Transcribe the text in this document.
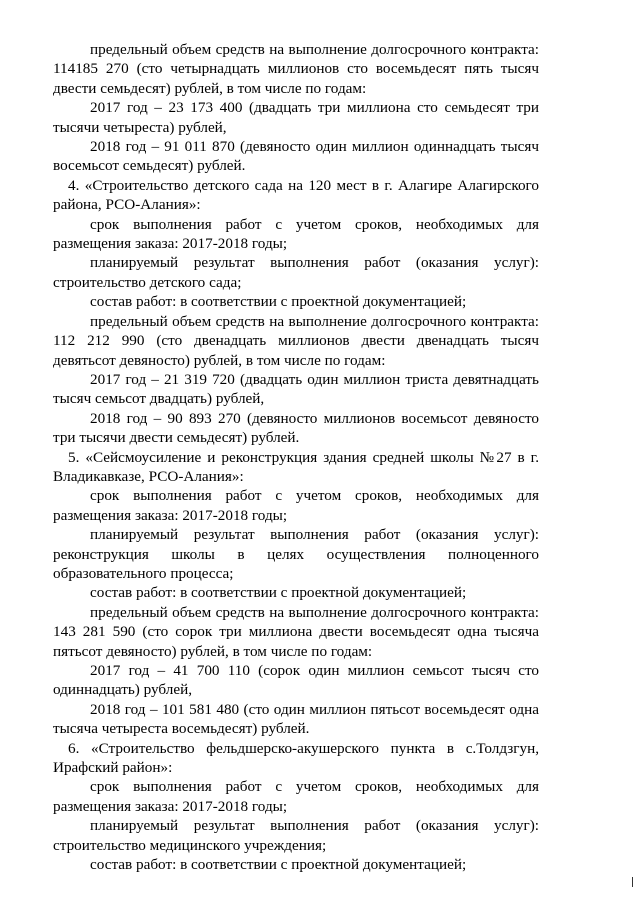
предельный объем средств на выполнение долгосрочного контракта: 114185 270 (сто четырнадцать миллионов сто восемьдесят пять тысяч двести семьдесят) рублей, в том числе по годам:

2017 год – 23 173 400 (двадцать три миллиона сто семьдесят три тысячи четыреста) рублей,

2018 год – 91 011 870 (девяносто один миллион одиннадцать тысяч восемьсот семьдесят) рублей.

4. «Строительство детского сада на 120 мест в г. Алагире Алагирского района, РСО-Алания»:

срок выполнения работ с учетом сроков, необходимых для размещения заказа: 2017-2018 годы;

планируемый результат выполнения работ (оказания услуг): строительство детского сада;

состав работ: в соответствии с проектной документацией;

предельный объем средств на выполнение долгосрочного контракта: 112 212 990 (сто двенадцать миллионов двести двенадцать тысяч девятьсот девяносто) рублей, в том числе по годам:

2017 год – 21 319 720 (двадцать один миллион триста девятнадцать тысяч семьсот двадцать) рублей,

2018 год – 90 893 270 (девяносто миллионов восемьсот девяносто три тысячи двести семьдесят) рублей.

5. «Сейсмоусиление и реконструкция здания средней школы №27 в г. Владикавказе, РСО-Алания»:

срок выполнения работ с учетом сроков, необходимых для размещения заказа: 2017-2018 годы;

планируемый результат выполнения работ (оказания услуг): реконструкция школы в целях осуществления полноценного образовательного процесса;

состав работ: в соответствии с проектной документацией;

предельный объем средств на выполнение долгосрочного контракта: 143 281 590 (сто сорок три миллиона двести восемьдесят одна тысяча пятьсот девяносто) рублей, в том числе по годам:

2017 год – 41 700 110 (сорок один миллион семьсот тысяч сто одиннадцать) рублей,

2018 год – 101 581 480 (сто один миллион пятьсот восемьдесят одна тысяча четыреста восемьдесят) рублей.

6. «Строительство фельдшерско-акушерского пункта в с.Толдзгун, Ирафский район»:

срок выполнения работ с учетом сроков, необходимых для размещения заказа: 2017-2018 годы;

планируемый результат выполнения работ (оказания услуг): строительство медицинского учреждения;

состав работ: в соответствии с проектной документацией;
